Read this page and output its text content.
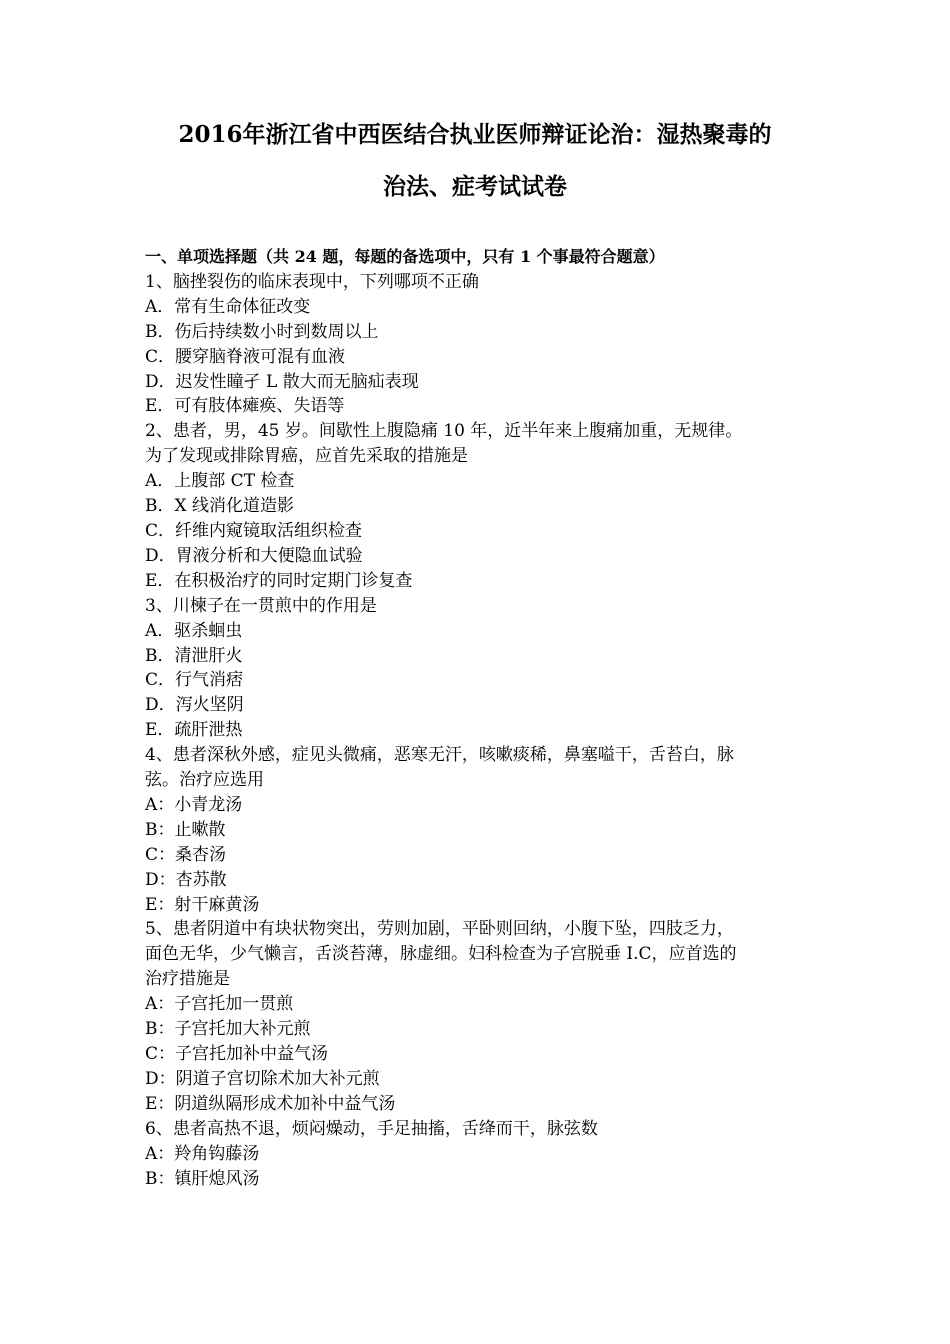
2016年浙江省中西医结合执业医师辩证论治：湿热聚毒的
治法、症考试试卷
一、单项选择题（共 24 题，每题的备选项中，只有 1 个事最符合题意）
1、脑挫裂伤的临床表现中，下列哪项不正确
A．常有生命体征改变
B．伤后持续数小时到数周以上
C．腰穿脑脊液可混有血液
D．迟发性瞳孑 L 散大而无脑疝表现
E．可有肢体瘫痪、失语等
2、患者，男，45 岁。间歇性上腹隐痛 10 年，近半年来上腹痛加重，无规律。
为了发现或排除胃癌，应首先采取的措施是
A．上腹部 CT 检查
B．X 线消化道造影
C．纤维内窥镜取活组织检查
D．胃液分析和大便隐血试验
E．在积极治疗的同时定期门诊复查
3、川楝子在一贯煎中的作用是
A．驱杀蛔虫
B．清泄肝火
C．行气消痞
D．泻火坚阴
E．疏肝泄热
4、患者深秋外感，症见头微痛，恶寒无汗，咳嗽痰稀，鼻塞嗌干，舌苔白，脉
弦。治疗应选用
A：小青龙汤
B：止嗽散
C：桑杏汤
D：杏苏散
E：射干麻黄汤
5、患者阴道中有块状物突出，劳则加剧，平卧则回纳，小腹下坠，四肢乏力，
面色无华，少气懒言，舌淡苔薄，脉虚细。妇科检查为子宫脱垂 I.C，应首选的
治疗措施是
A：子宫托加一贯煎
B：子宫托加大补元煎
C：子宫托加补中益气汤
D：阴道子宫切除术加大补元煎
E：阴道纵隔形成术加补中益气汤
6、患者高热不退，烦闷燥动，手足抽搐，舌绛而干，脉弦数
A：羚角钩藤汤
B：镇肝熄风汤
